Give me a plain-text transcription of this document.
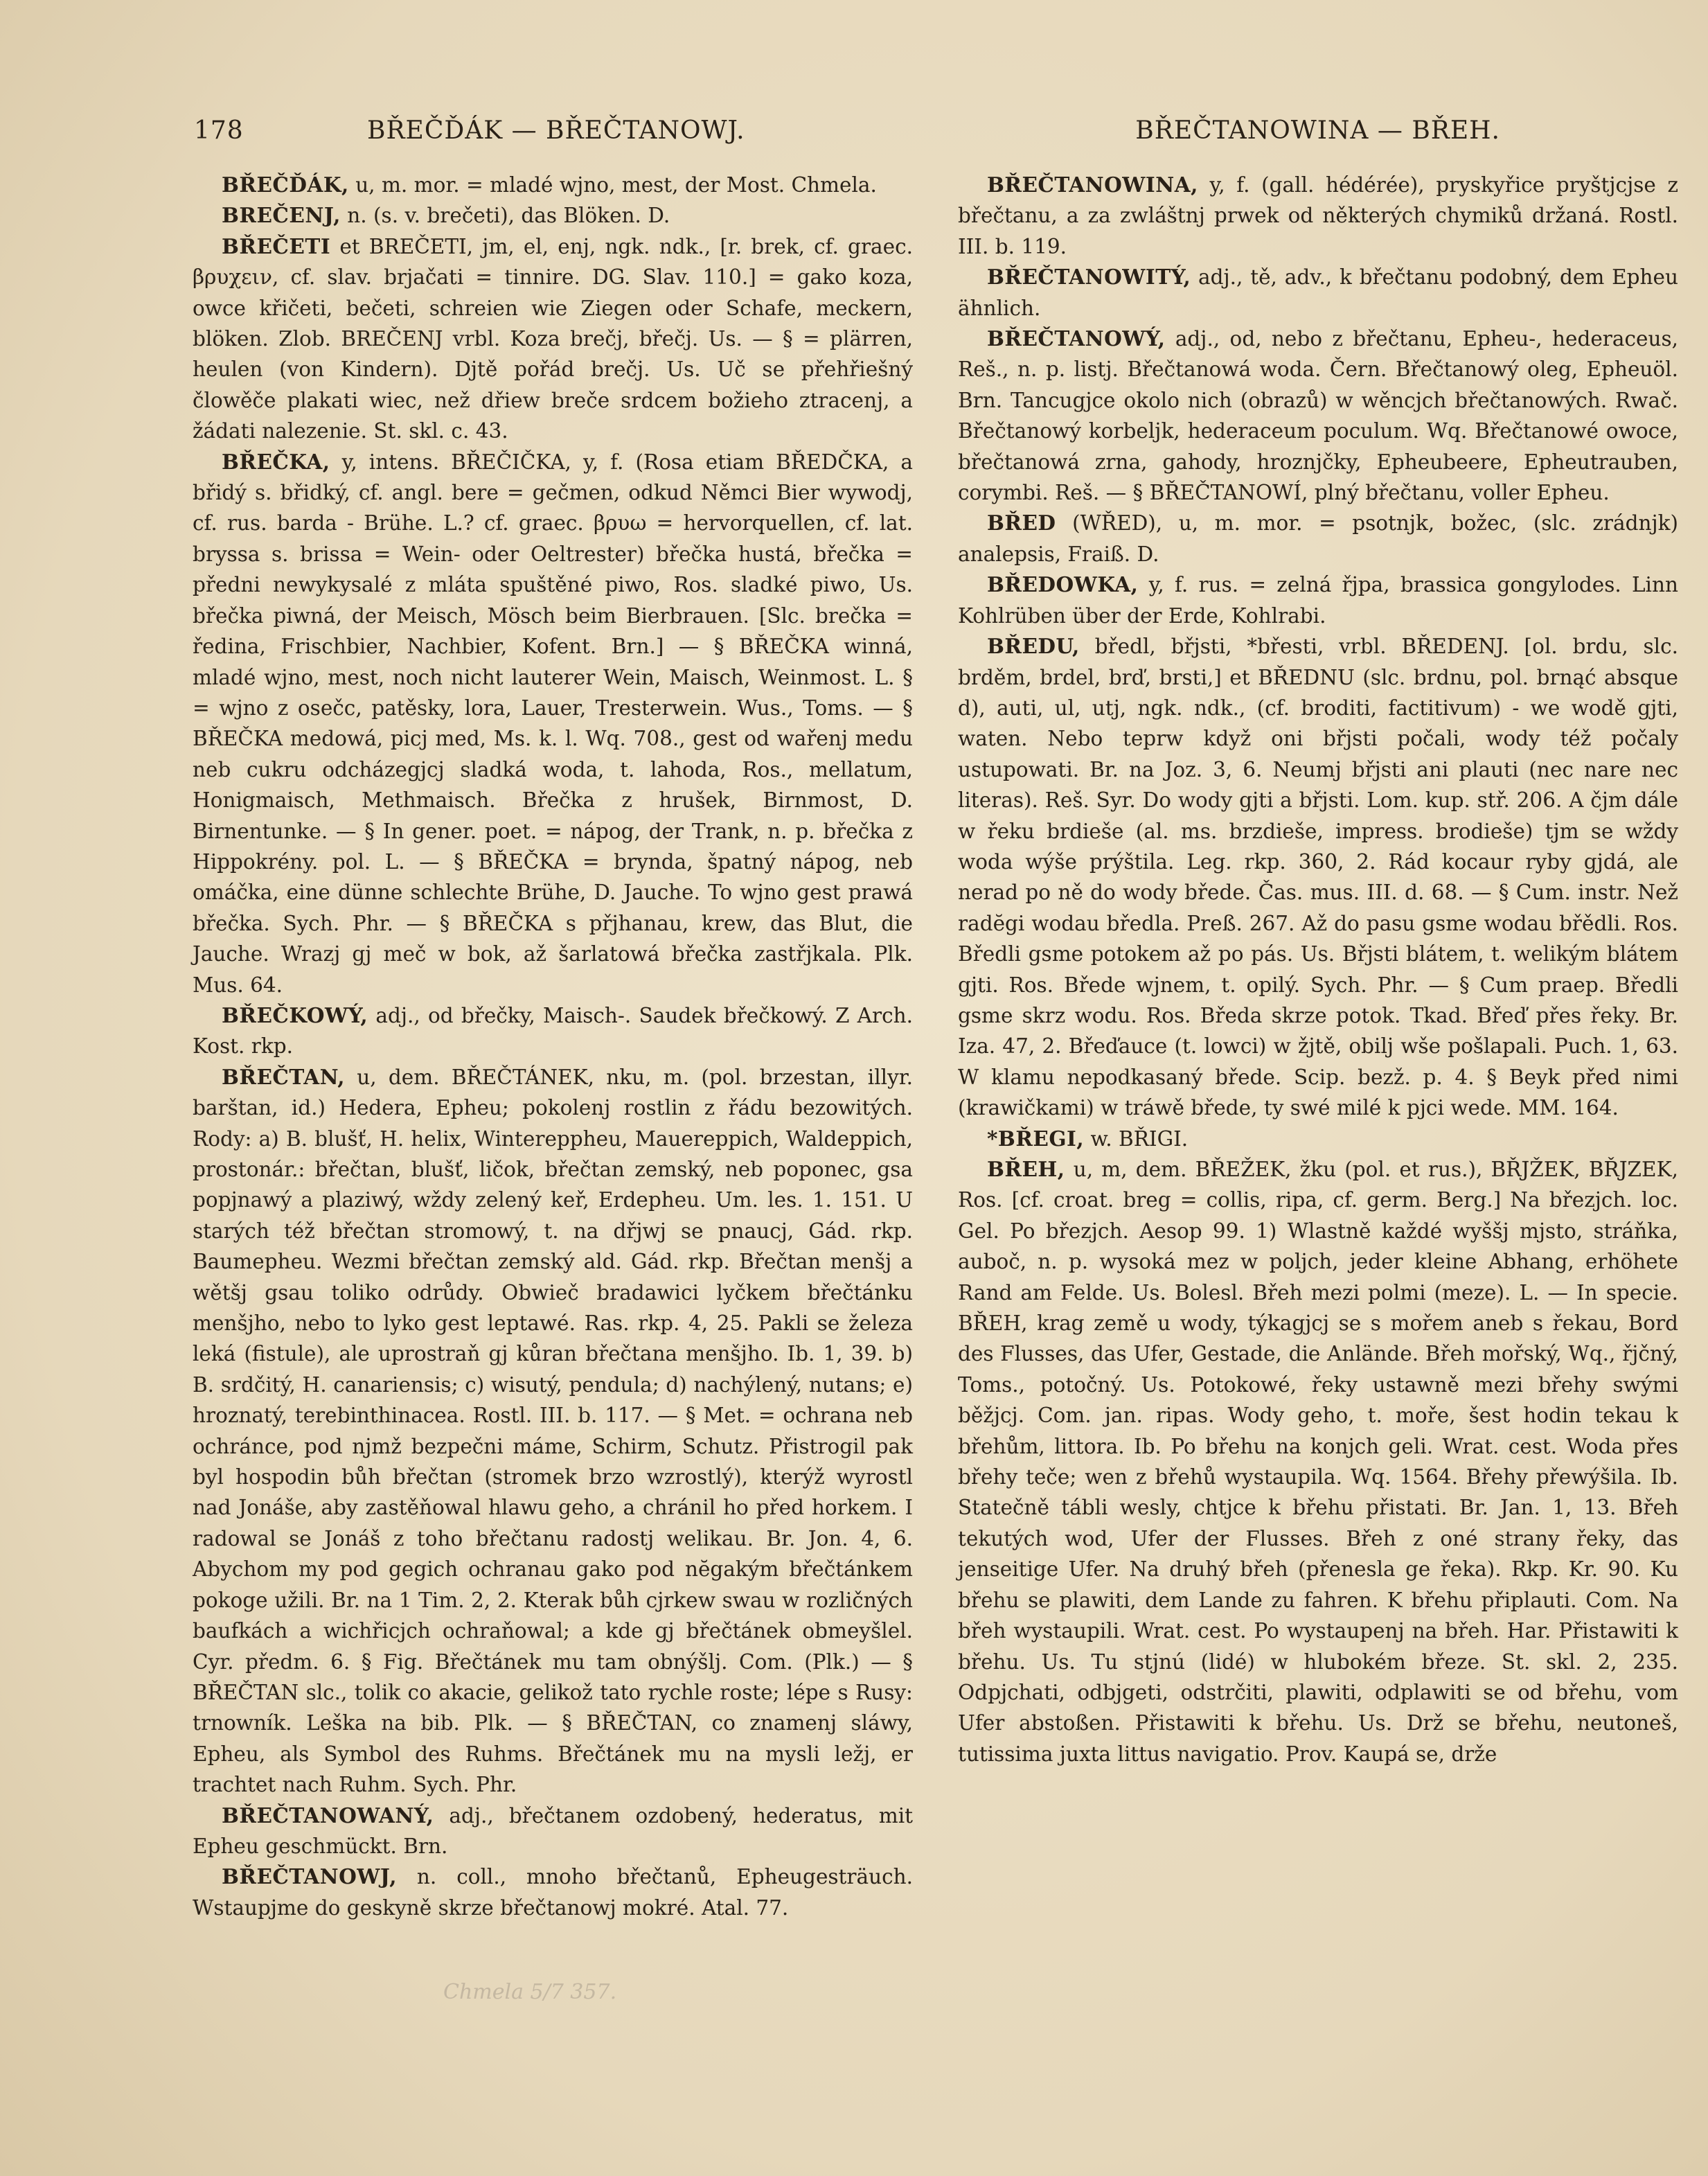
178	BŘEČĎÁK — BŘEČTANOWJ.	BŘEČTANOWINA — BŘEH.

BŘEČĎÁK, u, m. mor. = mladé wjno, mest, der Most. Chmela.

BREČENJ, n. (s. v. brečeti), das Blöken. D.

BŘEČETI et BREČETI, jm, el, enj, ngk. ndk., [r. brek, cf. graec. βρυχειν, cf. slav. brjačati = tinnire. DG. Slav. 110.] = gako koza, owce křičeti, bečeti, schreien wie Ziegen oder Schafe, meckern, blöken. Zlob. BREČENJ vrbl. Koza brečj, břečj. Us. — § = plärren, heulen (von Kindern). Djtě pořád brečj. Us. Uč se přehřiešný člowěče plakati wiec, než dřiew breče srdcem božieho ztracenj, a žádati nalezenie. St. skl. c. 43.

BŘEČKA, y, intens. BŘEČIČKA, y, f. (Rosa etiam BŘEDČKA, a břidý s. břidký, cf. angl. bere = gečmen, odkud Němci Bier wywodj, cf. rus. barda - Brühe. L.? cf. graec. βρυω = hervorquellen, cf. lat. bryssa s. brissa = Wein- oder Oeltrester) břečka hustá, břečka = předni newykysalé z mláta spuštěné piwo, Ros. sladké piwo, Us. břečka piwná, der Meisch, Mösch beim Bierbrauen. [Slc. brečka = ředina, Frischbier, Nachbier, Kofent. Brn.] — § BŘEČKA winná, mladé wjno, mest, noch nicht lauterer Wein, Maisch, Weinmost. L. § = wjno z osečc, patěsky, lora, Lauer, Tresterwein. Wus., Toms. — § BŘEČKA medowá, picj med, Ms. k. l. Wq. 708., gest od wařenj medu neb cukru odcházegjcj sladká woda, t. lahoda, Ros., mellatum, Honigmaisch, Methmaisch. Břečka z hrušek, Birnmost, D. Birnentunke. — § In gener. poet. = nápog, der Trank, n. p. břečka z Hippokrény. pol. L. — § BŘEČKA = brynda, špatný nápog, neb omáčka, eine dünne schlechte Brühe, D. Jauche. To wjno gest prawá břečka. Sych. Phr. — § BŘEČKA s přjhanau, krew, das Blut, die Jauche. Wrazj gj meč w bok, až šarlatowá břečka zastřjkala. Plk. Mus. 64.

BŘEČKOWÝ, adj., od břečky, Maisch-. Saudek břečkowý. Z Arch. Kost. rkp.

BŘEČTAN, u, dem. BŘEČTÁNEK, nku, m. (pol. brzestan, illyr. barštan, id.) Hedera, Epheu; pokolenj rostlin z řádu bezowitých. Rody: a) B. blušť, H. helix, Wintereppheu, Mauereppich, Waldeppich, prostonár.: břečtan, blušť, ličok, břečtan zemský, neb poponec, gsa popjnawý a plaziwý, wždy zelený keř, Erdepheu. Um. les. 1. 151. U starých též břečtan stromowý, t. na dřjwj se pnaucj, Gád. rkp. Baumepheu. Wezmi břečtan zemský ald. Gád. rkp. Břečtan menšj a wětšj gsau toliko odrůdy. Obwieč bradawici lyčkem břečtánku menšjho, nebo to lyko gest leptawé. Ras. rkp. 4, 25. Pakli se železa leká (fistule), ale uprostraň gj kůran břečtana menšjho. Ib. 1, 39. b) B. srdčitý, H. canariensis; c) wisutý, pendula; d) nachýlený, nutans; e) hroznatý, terebinthinacea. Rostl. III. b. 117. — § Met. = ochrana neb ochránce, pod njmž bezpečni máme, Schirm, Schutz. Přistrogil pak byl hospodin bůh břečtan (stromek brzo wzrostlý), kterýž wyrostl nad Jonáše, aby zastěňowal hlawu geho, a chránil ho před horkem. I radowal se Jonáš z toho břečtanu radostj welikau. Br. Jon. 4, 6. Abychom my pod gegich ochranau gako pod nĕgakým břečtánkem pokoge užili. Br. na 1 Tim. 2, 2. Kterak bůh cjrkew swau w rozličných baufkách a wichřicjch ochraňowal; a kde gj břečtánek obmeyšlel. Cyr. předm. 6. § Fig. Břečtánek mu tam obnýšlj. Com. (Plk.) — § BŘEČTAN slc., tolik co akacie, gelikož tato rychle roste; lépe s Rusy: trnowník. Leška na bib. Plk. — § BŘEČTAN, co znamenj sláwy, Epheu, als Symbol des Ruhms. Břečtánek mu na mysli ležj, er trachtet nach Ruhm. Sych. Phr.

BŘEČTANOWANÝ, adj., břečtanem ozdobený, hederatus, mit Epheu geschmückt. Brn.

BŘEČTANOWJ, n. coll., mnoho břečtanů, Epheugesträuch. Wstaupjme do geskyně skrze břečtanowj mokré. Atal. 77.

BŘEČTANOWINA, y, f. (gall. hédérée), pryskyřice pryštjcjse z břečtanu, a za zwláštnj prwek od některých chymiků držaná. Rostl. III. b. 119.

BŘEČTANOWITÝ, adj., tě, adv., k břečtanu podobný, dem Epheu ähnlich.

BŘEČTANOWÝ, adj., od, nebo z břečtanu, Epheu-, hederaceus, Reš., n. p. listj. Břečtanowá woda. Čern. Břečtanowý oleg, Epheuöl. Brn. Tancugjce okolo nich (obrazů) w wěncjch břečtanowých. Rwač. Břečtanowý korbeljk, hederaceum poculum. Wq. Břečtanowé owoce, břečtanowá zrna, gahody, hroznjčky, Epheubeere, Epheutrauben, corymbi. Reš. — § BŘEČTANOWÍ, plný břečtanu, voller Epheu.

BŘED (WŘED), u, m. mor. = psotnjk, božec, (slc. zrádnjk) analepsis, Fraiß. D.

BŘEDOWKA, y, f. rus. = zelná řjpa, brassica gongylodes. Linn Kohlrüben über der Erde, Kohlrabi.

BŘEDU, bředl, břjsti, *břesti, vrbl. BŘEDENJ. [ol. brdu, slc. brděm, brdel, brď, brsti,] et BŘEDNU (slc. brdnu, pol. brnąć absque d), auti, ul, utj, ngk. ndk., (cf. broditi, factitivum) - we wodě gjti, waten. Nebo teprw když oni břjsti počali, wody též počaly ustupowati. Br. na Joz. 3, 6. Neumj břjsti ani plauti (nec nare nec literas). Reš. Syr. Do wody gjti a břjsti. Lom. kup. stř. 206. A čjm dále w řeku brdieše (al. ms. brzdieše, impress. brodieše) tjm se wždy woda wýše prýštila. Leg. rkp. 360, 2. Rád kocaur ryby gjdá, ale nerad po ně do wody břede. Čas. mus. III. d. 68. — § Cum. instr. Než radĕgi wodau bředla. Preß. 267. Až do pasu gsme wodau břědli. Ros. Bředli gsme potokem až po pás. Us. Břjsti blátem, t. welikým blátem gjti. Ros. Břede wjnem, t. opilý. Sych. Phr. — § Cum praep. Bředli gsme skrz wodu. Ros. Bředa skrze potok. Tkad. Břeď přes řeky. Br. Iza. 47, 2. Břeďauce (t. lowci) w žjtě, obilj wše pošlapali. Puch. 1, 63. W klamu nepodkasaný břede. Scip. bezž. p. 4. § Beyk před nimi (krawičkami) w tráwě břede, ty swé milé k pjci wede. MM. 164.

*BŘEGI, w. BŘIGI.

BŘEH, u, m, dem. BŘEŽEK, žku (pol. et rus.), BŘJŽEK, BŘJZEK, Ros. [cf. croat. breg = collis, ripa, cf. germ. Berg.] Na březjch. loc. Gel. Po březjch. Aesop 99. 1) Wlastně každé wyššj mjsto, stráňka, auboč, n. p. wysoká mez w poljch, jeder kleine Abhang, erhöhete Rand am Felde. Us. Bolesl. Břeh mezi polmi (meze). L. — In specie. BŘEH, krag země u wody, týkagjcj se s mořem aneb s řekau, Bord des Flusses, das Ufer, Gestade, die Anlände. Břeh mořský, Wq., řjčný, Toms., potočný. Us. Potokowé, řeky ustawně mezi břehy swými běžjcj. Com. jan. ripas. Wody geho, t. moře, šest hodin tekau k břehům, littora. Ib. Po břehu na konjch geli. Wrat. cest. Woda přes břehy teče; wen z břehů wystaupila. Wq. 1564. Břehy přewýšila. Ib. Statečně tábli wesly, chtjce k břehu přistati. Br. Jan. 1, 13. Břeh tekutých wod, Ufer der Flusses. Břeh z oné strany řeky, das jenseitige Ufer. Na druhý břeh (přenesla ge řeka). Rkp. Kr. 90. Ku břehu se plawiti, dem Lande zu fahren. K břehu připlauti. Com. Na břeh wystaupili. Wrat. cest. Po wystaupenj na břeh. Har. Přistawiti k břehu. Us. Tu stjnú (lidé) w hlubokém březe. St. skl. 2, 235. Odpjchati, odbjgeti, odstrčiti, plawiti, odplawiti se od břehu, vom Ufer abstoßen. Přistawiti k břehu. Us. Drž se břehu, neutoneš, tutissima juxta littus navigatio. Prov. Kaupá se, drže

Chmela 5/7 357.
